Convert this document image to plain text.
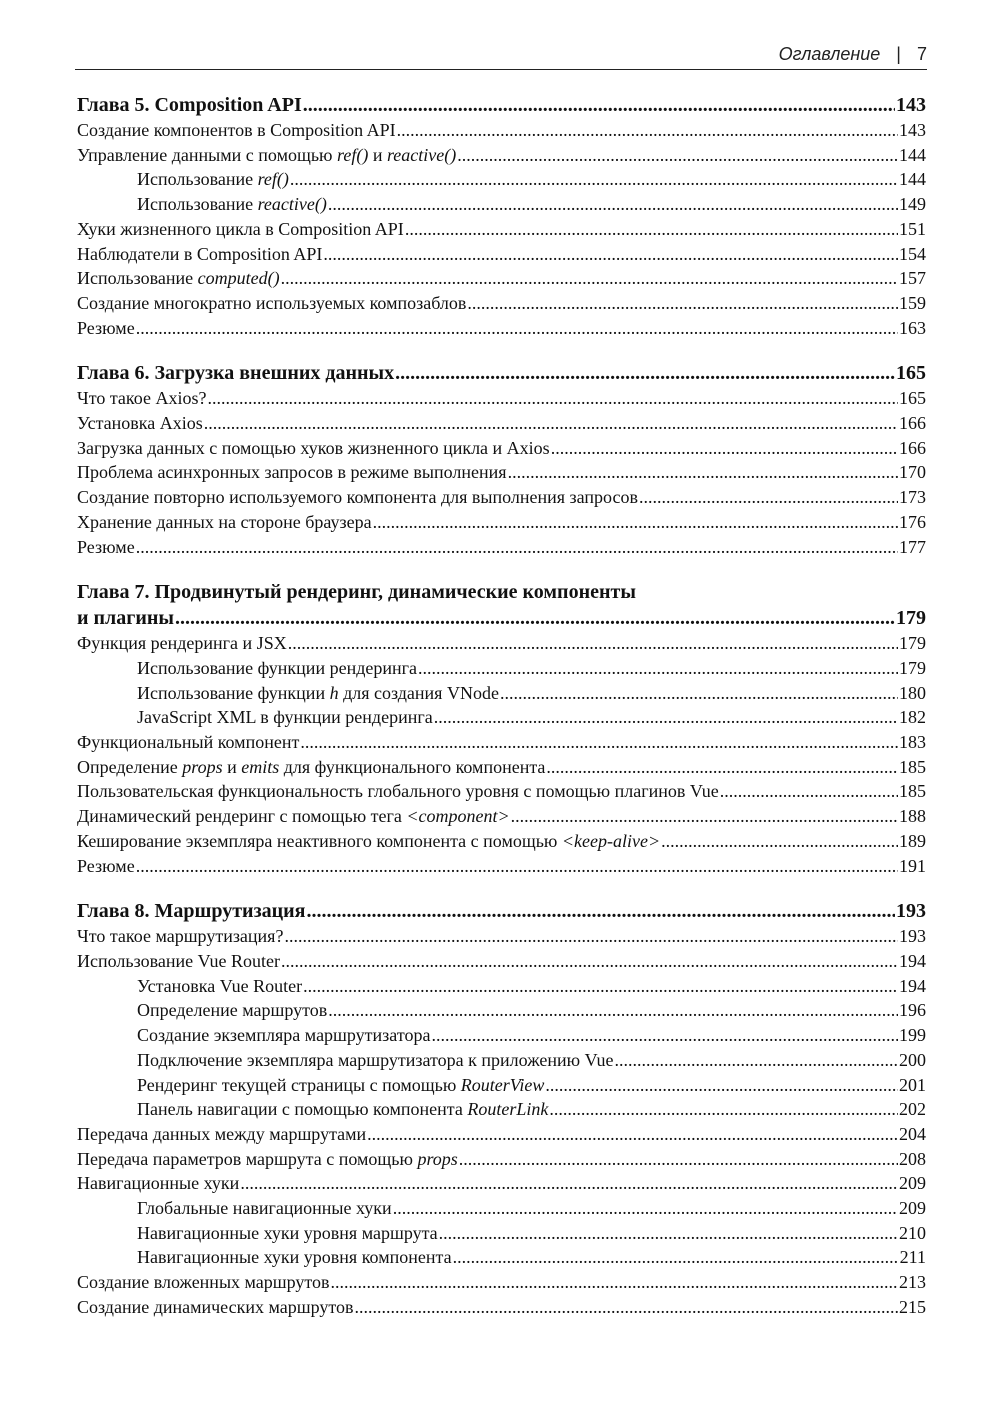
Оглавление | 7
Глава 5. Composition API .....	143
Создание компонентов в Composition API .....	143
Управление данными с помощью ref() и reactive() .....	144
Использование ref() .....	144
Использование reactive() .....	149
Хуки жизненного цикла в Composition API .....	151
Наблюдатели в Composition API .....	154
Использование computed() .....	157
Создание многократно используемых композаблов .....	159
Резюме .....	163
Глава 6. Загрузка внешних данных .....	165
Что такое Axios? .....	165
Установка Axios .....	166
Загрузка данных с помощью хуков жизненного цикла и Axios .....	166
Проблема асинхронных запросов в режиме выполнения .....	170
Создание повторно используемого компонента для выполнения запросов .....	173
Хранение данных на стороне браузера .....	176
Резюме .....	177
Глава 7. Продвинутый рендеринг, динамические компоненты
и плагины .....	179
Функция рендеринга и JSX .....	179
Использование функции рендеринга .....	179
Использование функции h для создания VNode .....	180
JavaScript XML в функции рендеринга .....	182
Функциональный компонент .....	183
Определение props и emits для функционального компонента .....	185
Пользовательская функциональность глобального уровня с помощью плагинов Vue .....	185
Динамический рендеринг с помощью тега <component> .....	188
Кеширование экземпляра неактивного компонента с помощью <keep-alive> .....	189
Резюме .....	191
Глава 8. Маршрутизация .....	193
Что такое маршрутизация? .....	193
Использование Vue Router .....	194
Установка Vue Router .....	194
Определение маршрутов .....	196
Создание экземпляра маршрутизатора .....	199
Подключение экземпляра маршрутизатора к приложению Vue .....	200
Рендеринг текущей страницы с помощью RouterView .....	201
Панель навигации с помощью компонента RouterLink .....	202
Передача данных между маршрутами .....	204
Передача параметров маршрута с помощью props .....	208
Навигационные хуки .....	209
Глобальные навигационные хуки .....	209
Навигационные хуки уровня маршрута .....	210
Навигационные хуки уровня компонента .....	211
Создание вложенных маршрутов .....	213
Создание динамических маршрутов .....	215
